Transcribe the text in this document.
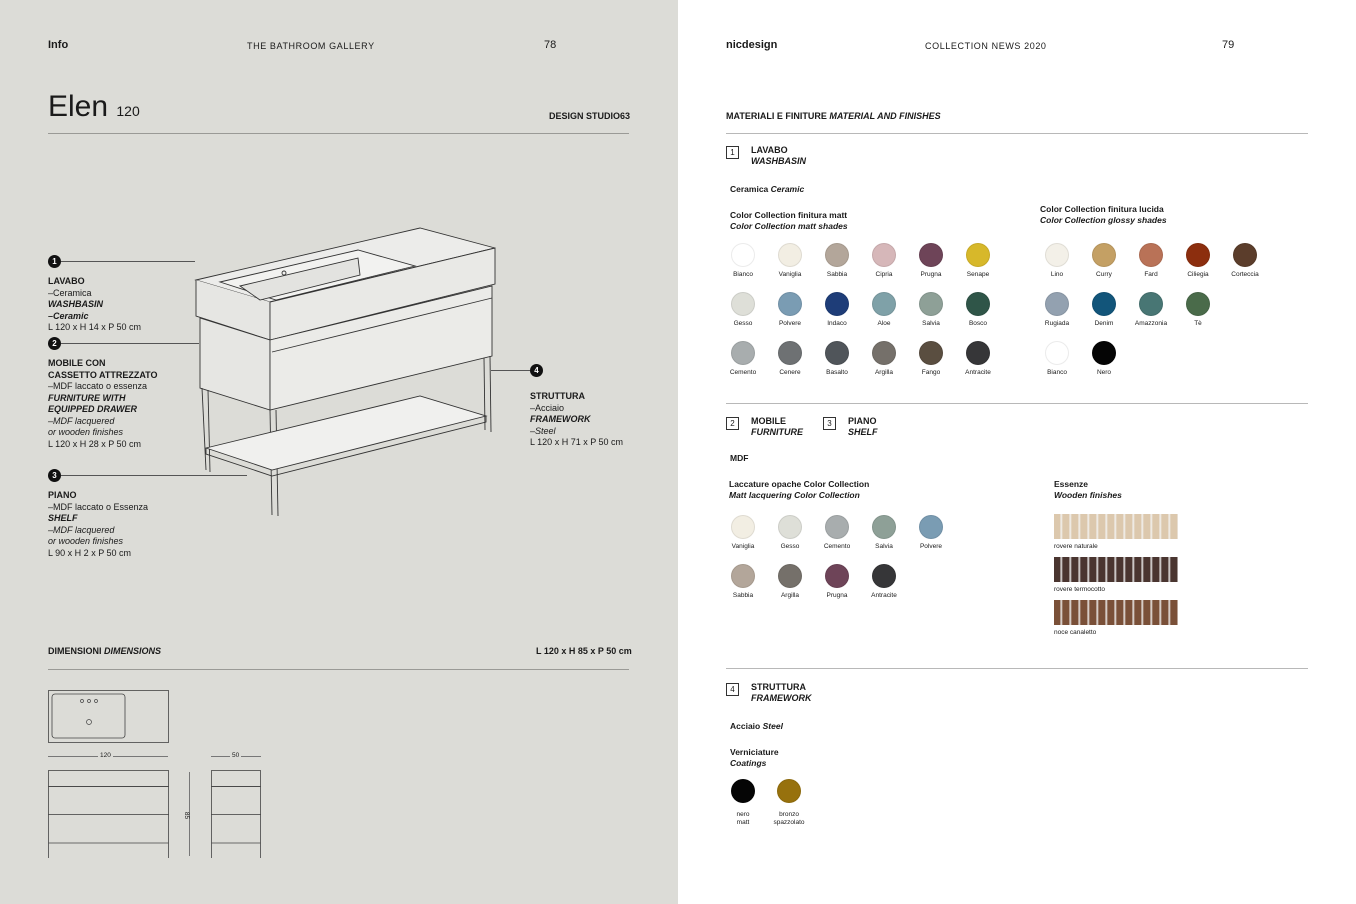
Info	THE BATHROOM GALLERY	78
Elen 120	DESIGN STUDIO63
1
LAVABO
–Ceramica
WASHBASIN
–Ceramic
L 120 x H 14 x P 50 cm
2
MOBILE CON
CASSETTO ATTREZZATO
–MDF laccato o essenza
FURNITURE WITH
EQUIPPED DRAWER
–MDF lacquered
or wooden finishes
L 120 x H 28 x P 50 cm
3
PIANO
–MDF laccato o Essenza
SHELF
–MDF lacquered
or wooden finishes
L 90 x H 2 x P 50 cm
4
STRUTTURA
–Acciaio
FRAMEWORK
–Steel
L 120 x H 71 x P 50 cm
DIMENSIONI DIMENSIONS	L 120 x H 85 x P 50 cm
120
85
50
nicdesign	COLLECTION NEWS 2020	79
MATERIALI E FINITURE MATERIAL AND FINISHES
1	LAVABO
WASHBASIN
Ceramica Ceramic
Color Collection finitura matt
Color Collection matt shades
Color Collection finitura lucida
Color Collection glossy shades
Bianco	Vaniglia	Sabbia	Cipria	Prugna	Senape
Gesso	Polvere	Indaco	Aloe	Salvia	Bosco
Cemento	Cenere	Basalto	Argilla	Fango	Antracite
Lino	Curry	Fard	Ciliegia	Corteccia
Rugiada	Denim	Amazzonia	Tè
Bianco	Nero
2	MOBILE
FURNITURE
3	PIANO
SHELF
MDF
Laccature opache Color Collection
Matt lacquering Color Collection
Essenze
Wooden finishes
Vaniglia	Gesso	Cemento	Salvia	Polvere
Sabbia	Argilla	Prugna	Antracite
rovere naturale
rovere termocotto
noce canaletto
4	STRUTTURA
FRAMEWORK
Acciaio Steel
Verniciature
Coatings
nero
matt
bronzo
spazzolato
